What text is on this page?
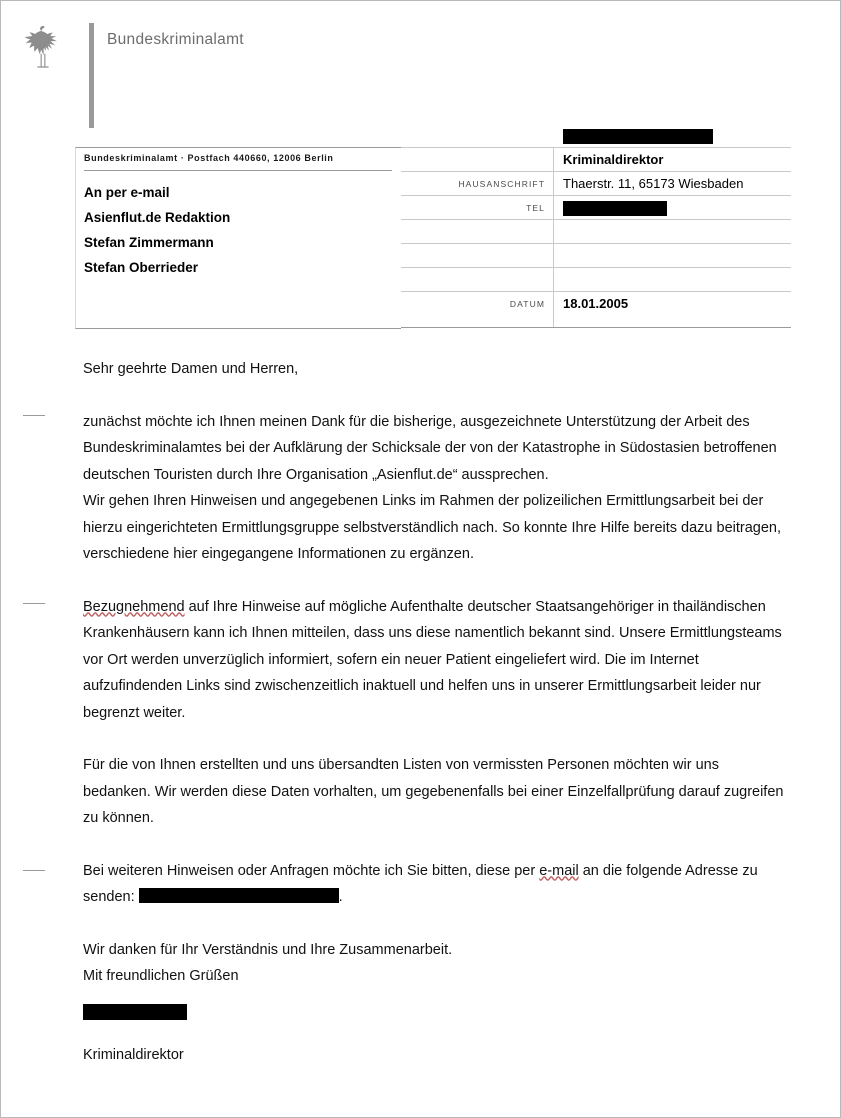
Bundeskriminalamt
Bundeskriminalamt · Postfach 440660, 12006 Berlin
An per e-mail
Asienflut.de Redaktion
Stefan Zimmermann
Stefan Oberrieder
Kriminaldirektor
HAUSANSCHRIFT	Thaerstr. 11, 65173 Wiesbaden
TEL
DATUM	18.01.2005

Sehr geehrte Damen und Herren,

zunächst möchte ich Ihnen meinen Dank für die bisherige, ausgezeichnete Unterstützung der Arbeit des Bundeskriminalamtes bei der Aufklärung der Schicksale der von der Katastrophe in Südostasien betroffenen deutschen Touristen durch Ihre Organisation „Asienflut.de“ aussprechen.

Wir gehen Ihren Hinweisen und angegebenen Links im Rahmen der polizeilichen Ermittlungsarbeit bei der hierzu eingerichteten Ermittlungsgruppe selbstverständlich nach. So konnte Ihre Hilfe bereits dazu beitragen, verschiedene hier eingegangene Informationen zu ergänzen.

Bezugnehmend auf Ihre Hinweise auf mögliche Aufenthalte deutscher Staatsangehöriger in thailändischen Krankenhäusern kann ich Ihnen mitteilen, dass uns diese namentlich bekannt sind. Unsere Ermittlungsteams vor Ort werden unverzüglich informiert, sofern ein neuer Patient eingeliefert wird. Die im Internet aufzufindenden Links sind zwischenzeitlich inaktuell und helfen uns in unserer Ermittlungsarbeit leider nur begrenzt weiter.

Für die von Ihnen erstellten und uns übersandten Listen von vermissten Personen möchten wir uns bedanken. Wir werden diese Daten vorhalten, um gegebenenfalls bei einer Einzelfallprüfung darauf zugreifen zu können.

Bei weiteren Hinweisen oder Anfragen möchte ich Sie bitten, diese per e-mail an die folgende Adresse zu senden:	.

Wir danken für Ihr Verständnis und Ihre Zusammenarbeit.

Mit freundlichen Grüßen

Kriminaldirektor
